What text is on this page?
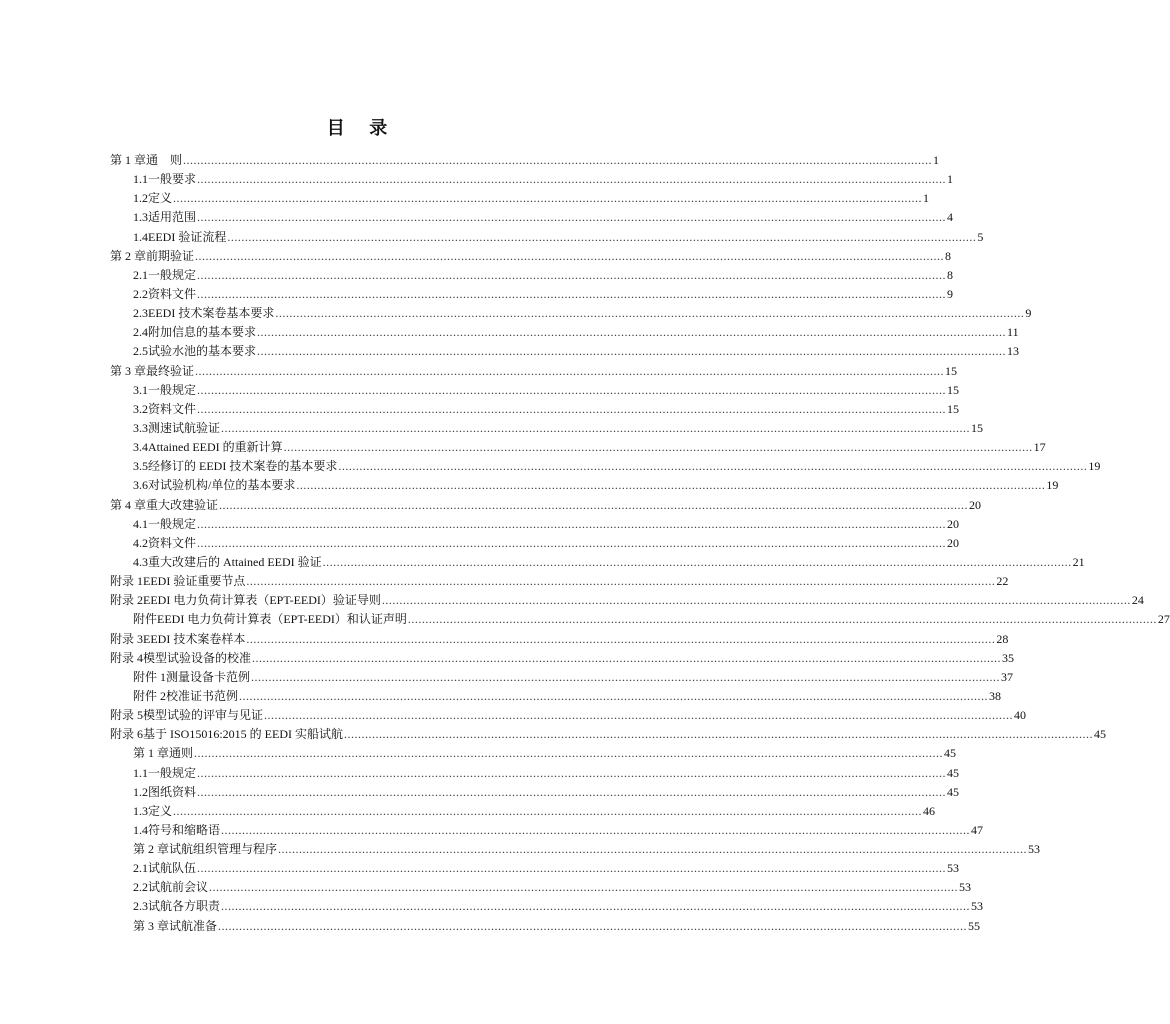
目 录
第 1 章 通　则 .....	1
1.1 一般要求 .....	1
1.2 定义 .....	1
1.3 适用范围 .....	4
1.4 EEDI 验证流程 .....	5
第 2 章 前期验证 .....	8
2.1 一般规定 .....	8
2.2 资料文件 .....	9
2.3 EEDI 技术案卷基本要求 .....	9
2.4 附加信息的基本要求 .....	11
2.5 试验水池的基本要求 .....	13
第 3 章 最终验证 .....	15
3.1 一般规定 .....	15
3.2 资料文件 .....	15
3.3 测速试航验证 .....	15
3.4 Attained EEDI 的重新计算 .....	17
3.5 经修订的 EEDI 技术案卷的基本要求 .....	19
3.6 对试验机构/单位的基本要求 .....	19
第 4 章 重大改建验证 .....	20
4.1 一般规定 .....	20
4.2 资料文件 .....	20
4.3 重大改建后的 Attained EEDI 验证 .....	21
附录 1 EEDI 验证重要节点 .....	22
附录 2 EEDI 电力负荷计算表（EPT-EEDI）验证导则 .....	24
附件 EEDI 电力负荷计算表（EPT-EEDI）和认证声明 .....	27
附录 3 EEDI 技术案卷样本 .....	28
附录 4 模型试验设备的校准 .....	35
附件 1 测量设备卡范例 .....	37
附件 2 校准证书范例 .....	38
附录 5 模型试验的评审与见证 .....	40
附录 6 基于 ISO15016:2015 的 EEDI 实船试航 .....	45
第 1 章 通则 .....	45
1.1 一般规定 .....	45
1.2 图纸资料 .....	45
1.3 定义 .....	46
1.4 符号和缩略语 .....	47
第 2 章 试航组织管理与程序 .....	53
2.1 试航队伍 .....	53
2.2 试航前会议 .....	53
2.3 试航各方职责 .....	53
第 3 章 试航准备 .....	55
